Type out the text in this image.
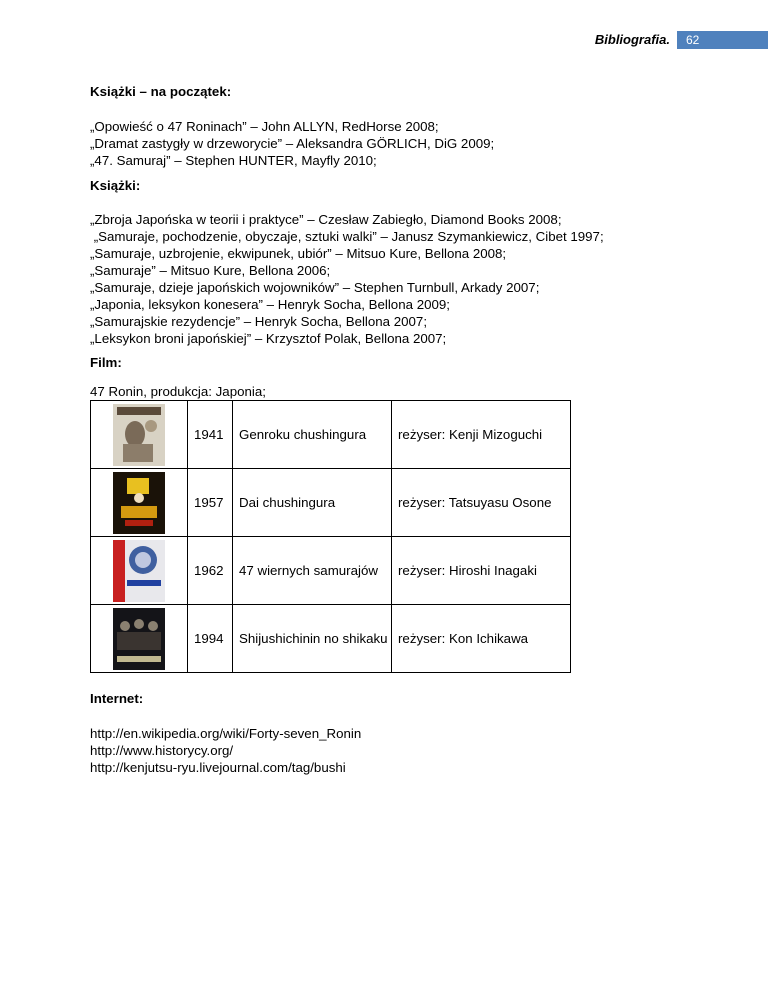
Bibliografia.	62

Książki – na początek:

„Opowieść o 47 Roninach” – John ALLYN, RedHorse 2008;

„Dramat zastygły w drzeworycie” – Aleksandra GÖRLICH, DiG 2009;

„47. Samuraj” – Stephen HUNTER, Mayfly 2010;

Książki:

„Zbroja Japońska w teorii i praktyce” – Czesław Zabiegło, Diamond Books 2008;

„Samuraje, pochodzenie, obyczaje, sztuki walki” – Janusz Szymankiewicz, Cibet 1997;

„Samuraje, uzbrojenie, ekwipunek, ubiór” – Mitsuo Kure, Bellona 2008;

„Samuraje” – Mitsuo Kure, Bellona 2006;

„Samuraje, dzieje japońskich wojowników” – Stephen Turnbull, Arkady 2007;

„Japonia, leksykon konesera” – Henryk Socha, Bellona 2009;

„Samurajskie rezydencje” – Henryk Socha, Bellona 2007;

„Leksykon broni japońskiej” – Krzysztof Polak, Bellona 2007;

Film:

47 Ronin, produkcja: Japonia;

	1941	Genroku chushingura	reżyser: Kenji Mizoguchi
	1957	Dai chushingura	reżyser: Tatsuyasu Osone
	1962	47 wiernych samurajów	reżyser: Hiroshi Inagaki
	1994	Shijushichinin no shikaku	reżyser: Kon Ichikawa

Internet:

http://en.wikipedia.org/wiki/Forty-seven_Ronin

http://www.historycy.org/

http://kenjutsu-ryu.livejournal.com/tag/bushi
